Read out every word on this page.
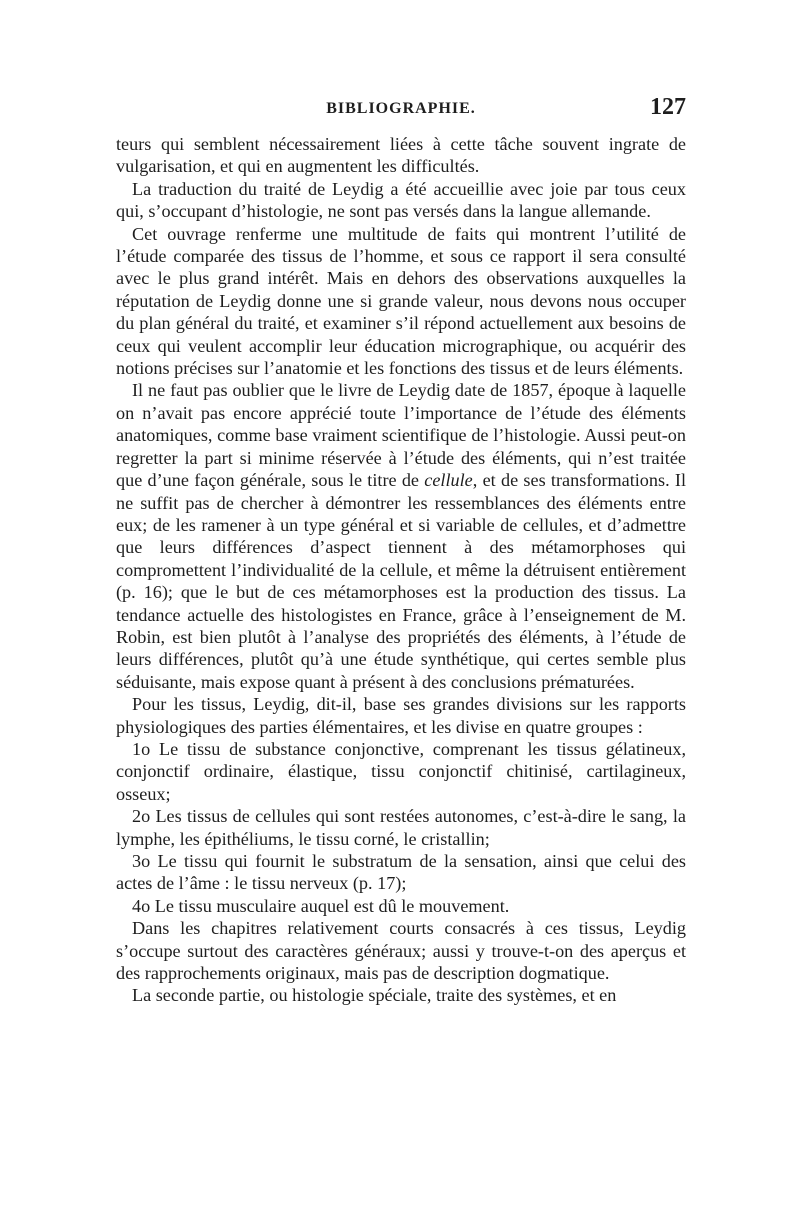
BIBLIOGRAPHIE.	127

teurs qui semblent nécessairement liées à cette tâche souvent ingrate de vulgarisation, et qui en augmentent les difficultés.

La traduction du traité de Leydig a été accueillie avec joie par tous ceux qui, s’occupant d’histologie, ne sont pas versés dans la langue allemande.

Cet ouvrage renferme une multitude de faits qui montrent l’utilité de l’étude comparée des tissus de l’homme, et sous ce rapport il sera consulté avec le plus grand intérêt. Mais en dehors des observations auxquelles la réputation de Leydig donne une si grande valeur, nous devons nous occuper du plan général du traité, et examiner s’il répond actuellement aux besoins de ceux qui veulent accomplir leur éducation micrographique, ou acquérir des notions précises sur l’anatomie et les fonctions des tissus et de leurs éléments.

Il ne faut pas oublier que le livre de Leydig date de 1857, époque à laquelle on n’avait pas encore apprécié toute l’importance de l’étude des éléments anatomiques, comme base vraiment scientifique de l’histologie. Aussi peut-on regretter la part si minime réservée à l’étude des éléments, qui n’est traitée que d’une façon générale, sous le titre de cellule, et de ses transformations. Il ne suffit pas de chercher à démontrer les ressemblances des éléments entre eux; de les ramener à un type général et si variable de cellules, et d’admettre que leurs différences d’aspect tiennent à des métamorphoses qui compromettent l’individualité de la cellule, et même la détruisent entièrement (p. 16); que le but de ces métamorphoses est la production des tissus. La tendance actuelle des histologistes en France, grâce à l’enseignement de M. Robin, est bien plutôt à l’analyse des propriétés des éléments, à l’étude de leurs différences, plutôt qu’à une étude synthétique, qui certes semble plus séduisante, mais expose quant à présent à des conclusions prématurées.

Pour les tissus, Leydig, dit-il, base ses grandes divisions sur les rapports physiologiques des parties élémentaires, et les divise en quatre groupes :

1o Le tissu de substance conjonctive, comprenant les tissus gélatineux, conjonctif ordinaire, élastique, tissu conjonctif chitinisé, cartilagineux, osseux;

2o Les tissus de cellules qui sont restées autonomes, c’est-à-dire le sang, la lymphe, les épithéliums, le tissu corné, le cristallin;

3o Le tissu qui fournit le substratum de la sensation, ainsi que celui des actes de l’âme : le tissu nerveux (p. 17);

4o Le tissu musculaire auquel est dû le mouvement.

Dans les chapitres relativement courts consacrés à ces tissus, Leydig s’occupe surtout des caractères généraux; aussi y trouve-t-on des aperçus et des rapprochements originaux, mais pas de description dogmatique.

La seconde partie, ou histologie spéciale, traite des systèmes, et en
